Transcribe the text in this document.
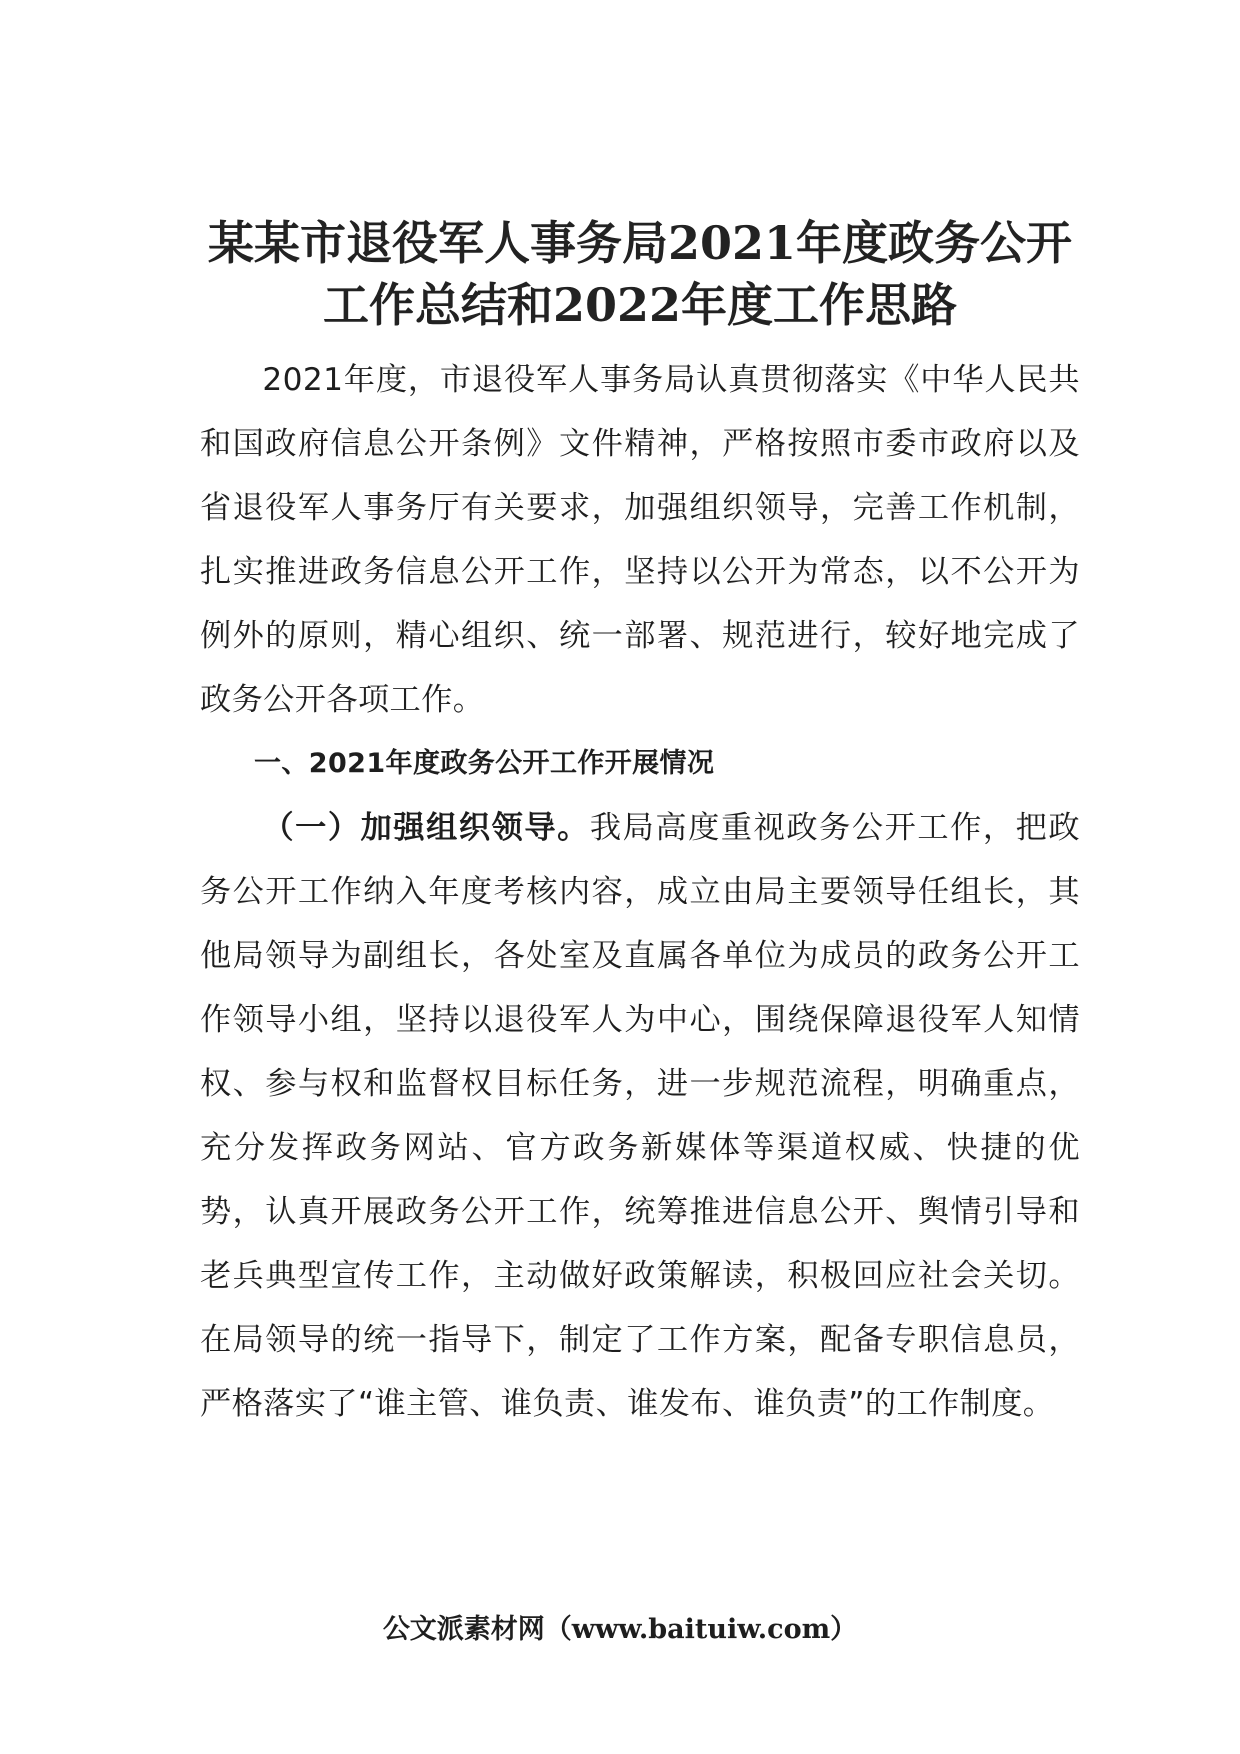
某某市退役军人事务局2021年度政务公开
工作总结和2022年度工作思路

2021年度，市退役军人事务局认真贯彻落实《中华人民共和国政府信息公开条例》文件精神，严格按照市委市政府以及省退役军人事务厅有关要求，加强组织领导，完善工作机制，扎实推进政务信息公开工作，坚持以公开为常态，以不公开为例外的原则，精心组织、统一部署、规范进行，较好地完成了政务公开各项工作。

一、2021年度政务公开工作开展情况

（一）加强组织领导。我局高度重视政务公开工作，把政务公开工作纳入年度考核内容，成立由局主要领导任组长，其他局领导为副组长，各处室及直属各单位为成员的政务公开工作领导小组，坚持以退役军人为中心，围绕保障退役军人知情权、参与权和监督权目标任务，进一步规范流程，明确重点，充分发挥政务网站、官方政务新媒体等渠道权威、快捷的优势，认真开展政务公开工作，统筹推进信息公开、舆情引导和老兵典型宣传工作，主动做好政策解读，积极回应社会关切。在局领导的统一指导下，制定了工作方案，配备专职信息员，严格落实了“谁主管、谁负责、谁发布、谁负责”的工作制度。

公文派素材网（www.baituiw.com）
